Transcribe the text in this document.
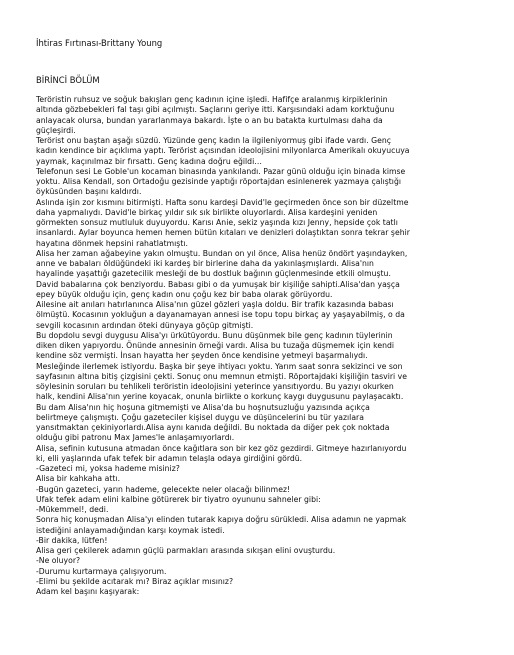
İhtiras Fırtınası-Brittany Young
BİRİNCİ BÖLÜM

Teröristin ruhsuz ve soğuk bakışları genç kadının içine işledi. Hafifçe aralanmış kirpiklerinin

altında gözbebekleri fal taşı gibi açılmıştı. Saçlarını geriye itti. Karşısındaki adam korktuğunu

anlayacak olursa, bundan yararlanmaya bakardı. İşte o an bu batakta kurtulması daha da

güçleşirdi.

Terörist onu baştan aşağı süzdü. Yüzünde genç kadın la ilgileniyormuş gibi ifade vardı. Genç

kadın kendince bir açıklıma yaptı. Terörist açısından ideolojisini milyonlarca Amerikalı okuyucuya

yaymak, kaçınılmaz bir fırsattı. Genç kadına doğru eğildi…

Telefonun sesi Le Goble'un kocaman binasında yankılandı. Pazar günü olduğu için binada kimse

yoktu. Alisa Kendall, son Ortadoğu gezisinde yaptığı röportajdan esinlenerek yazmaya çalıştığı

öyküsünden başını kaldırdı.

Aslında işin zor kısmını bitirmişti. Hafta sonu kardeşi David'le geçirmeden önce son bir düzeltme

daha yapmalıydı. David'le birkaç yıldır sık sık birlikte oluyorlardı. Alisa kardeşini yeniden

görmekten sonsuz mutluluk duyuyordu. Karısı Anie, sekiz yaşında kızı Jenny, hepside çok tatlı

insanlardı. Aylar boyunca hemen hemen bütün kıtaları ve denizleri dolaştıktan sonra tekrar şehir

hayatına dönmek hepsini rahatlatmıştı.

Alisa her zaman ağabeyine yakın olmuştu. Bundan on yıl önce, Alisa henüz öndört yaşındayken,

anne ve babaları öldüğündeki iki kardeş bir birlerine daha da yakınlaşmışlardı. Alisa'nın

hayalinde yaşattığı gazetecilik mesleği de bu dostluk bağının güçlenmesinde etkili olmuştu.

David babalarına çok benziyordu. Babası gibi o da yumuşak bir kişiliğe sahipti.Alisa'dan yaşça

epey büyük olduğu için, genç kadın onu çoğu kez bir baba olarak görüyordu.

Ailesine ait anıları hatırlanınca Alisa'nın güzel gözleri yaşla doldu. Bir trafik kazasında babası

ölmüştü. Kocasının yokluğun a dayanamayan annesi ise topu topu birkaç ay yaşayabilmiş, o da

sevgili kocasının ardından öteki dünyaya göçüp gitmişti.

Bu dopdolu sevgi duygusu Alisa'yı ürkütüyordu. Bunu düşünmek bile genç kadının tüylerinin

diken diken yapıyordu. Önünde annesinin örneği vardı. Alisa bu tuzağa düşmemek için kendi

kendine söz vermişti. İnsan hayatta her şeyden önce kendisine yetmeyi başarmalıydı.

Mesleğinde ilerlemek istiyordu. Başka bir şeye ihtiyacı yoktu. Yarım saat sonra sekizinci ve son

sayfasının altına bitiş çizgisini çekti. Sonuç onu memnun etmişti. Röportajdaki kişiliğin tasviri ve

söylesinin soruları bu tehlikeli teröristin ideolojisini yeterince yansıtıyordu. Bu yazıyı okurken

halk, kendini Alisa'nın yerine koyacak, onunla birlikte o korkunç kaygı duygusunu paylaşacaktı.

Bu dam Alisa'nın hiç hoşuna gitmemişti ve Alisa'da bu hoşnutsuzluğu yazısında açıkça

belirtmeye çalışmıştı. Çoğu gazeteciler kişisel duygu ve düşüncelerini bu tür yazılara

yansıtmaktan çekiniyorlardı.Alisa aynı kanıda değildi. Bu noktada da diğer pek çok noktada

olduğu gibi patronu Max James'le anlaşamıyorlardı.

Alisa, sefinin kutusuna atmadan önce kağıtlara son bir kez göz gezdirdi. Gitmeye hazırlanıyordu

ki, elli yaşlarında ufak tefek bir adamın telaşla odaya girdiğini gördü.

-Gazeteci mi, yoksa hademe misiniz?

Alisa bir kahkaha attı.

-Bugün gazeteci, yarın hademe, gelecekte neler olacağı bilinmez!

Ufak tefek adam elini kalbine götürerek bir tiyatro oyununu sahneler gibi:

-Mükemmel!, dedi.

Sonra hiç konuşmadan Alisa'yı elinden tutarak kapıya doğru sürükledi. Alisa adamın ne yapmak

istediğini anlayamadığından karşı koymak istedi.

-Bir dakika, lütfen!

Alisa geri çekilerek adamın güçlü parmakları arasında sıkışan elini ovuşturdu.

-Ne oluyor?

-Durumu kurtarmaya çalışıyorum.

-Elimi bu şekilde acıtarak mı? Biraz açıklar mısınız?

Adam kel başını kaşıyarak:
